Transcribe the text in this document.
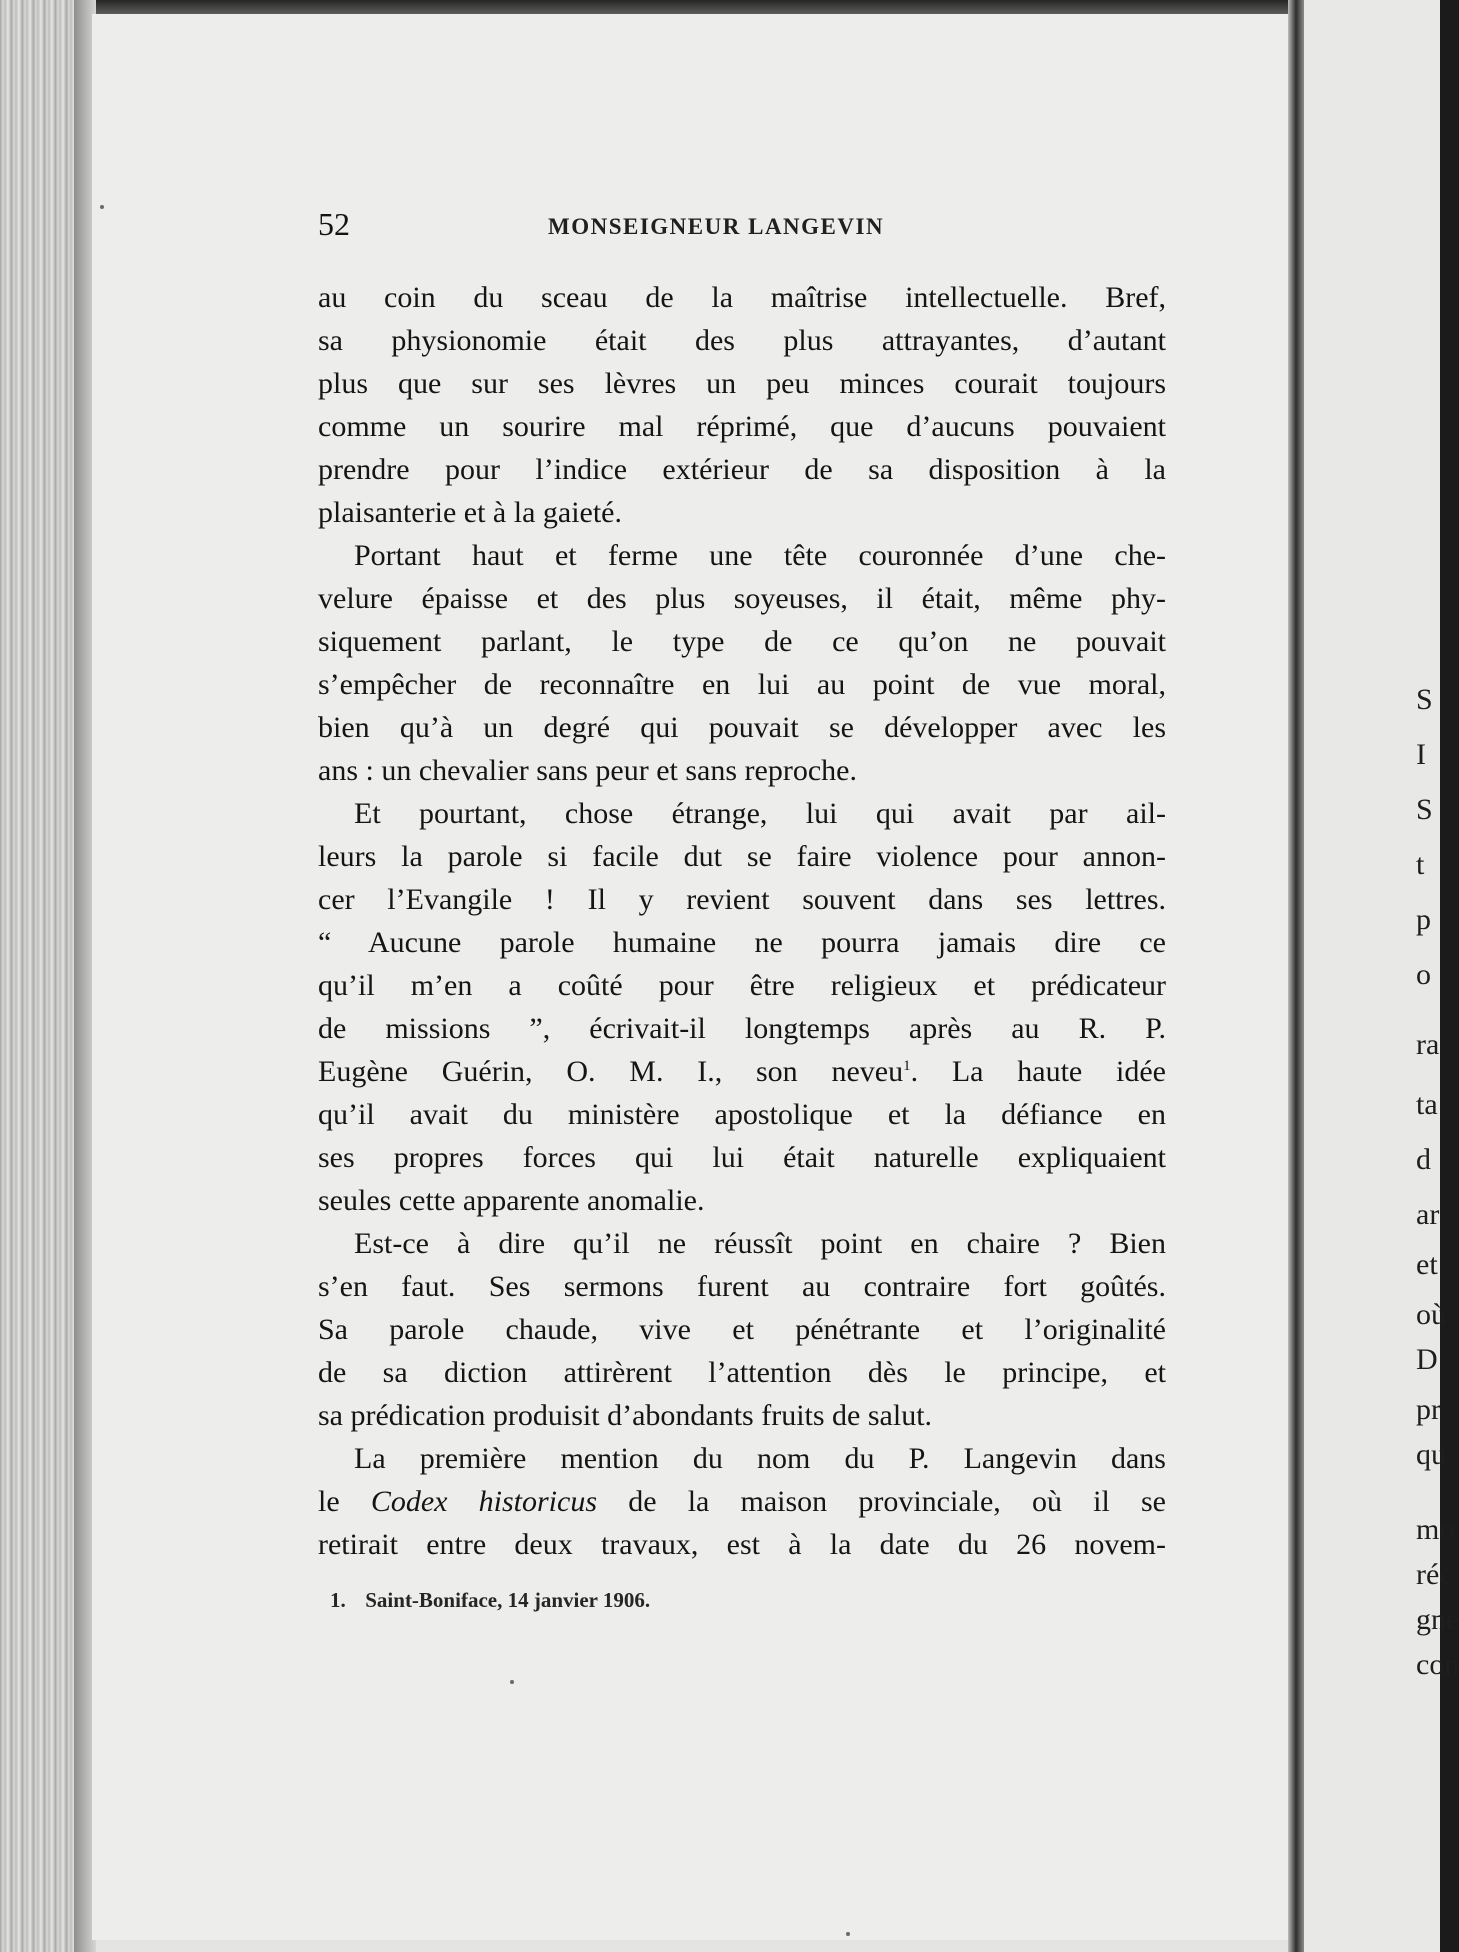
52	MONSEIGNEUR LANGEVIN
au coin du sceau de la maîtrise intellectuelle. Bref,
sa physionomie était des plus attrayantes, d’autant
plus que sur ses lèvres un peu minces courait toujours
comme un sourire mal réprimé, que d’aucuns pouvaient
prendre pour l’indice extérieur de sa disposition à la
plaisanterie et à la gaieté.
Portant haut et ferme une tête couronnée d’une che-
velure épaisse et des plus soyeuses, il était, même phy-
siquement parlant, le type de ce qu’on ne pouvait
s’empêcher de reconnaître en lui au point de vue moral,
bien qu’à un degré qui pouvait se développer avec les
ans : un chevalier sans peur et sans reproche.
Et pourtant, chose étrange, lui qui avait par ail-
leurs la parole si facile dut se faire violence pour annon-
cer l’Evangile ! Il y revient souvent dans ses lettres.
“ Aucune parole humaine ne pourra jamais dire ce
qu’il m’en a coûté pour être religieux et prédicateur
de missions ”, écrivait-il longtemps après au R. P.
Eugène Guérin, O. M. I., son neveu$^1$. La haute idée
qu’il avait du ministère apostolique et la défiance en
ses propres forces qui lui était naturelle expliquaient
seules cette apparente anomalie.
Est-ce à dire qu’il ne réussît point en chaire ? Bien
s’en faut. Ses sermons furent au contraire fort goûtés.
Sa parole chaude, vive et pénétrante et l’originalité
de sa diction attirèrent l’attention dès le principe, et
sa prédication produisit d’abondants fruits de salut.
La première mention du nom du P. Langevin dans
le Codex historicus de la maison provinciale, où il se
retirait entre deux travaux, est à la date du 26 novem-
1. Saint-Boniface, 14 janvier 1906.
S
I
S
t
p
o
ra
ta
d
ar
et
où
D
pr
qu
mo
réc
gne
con
